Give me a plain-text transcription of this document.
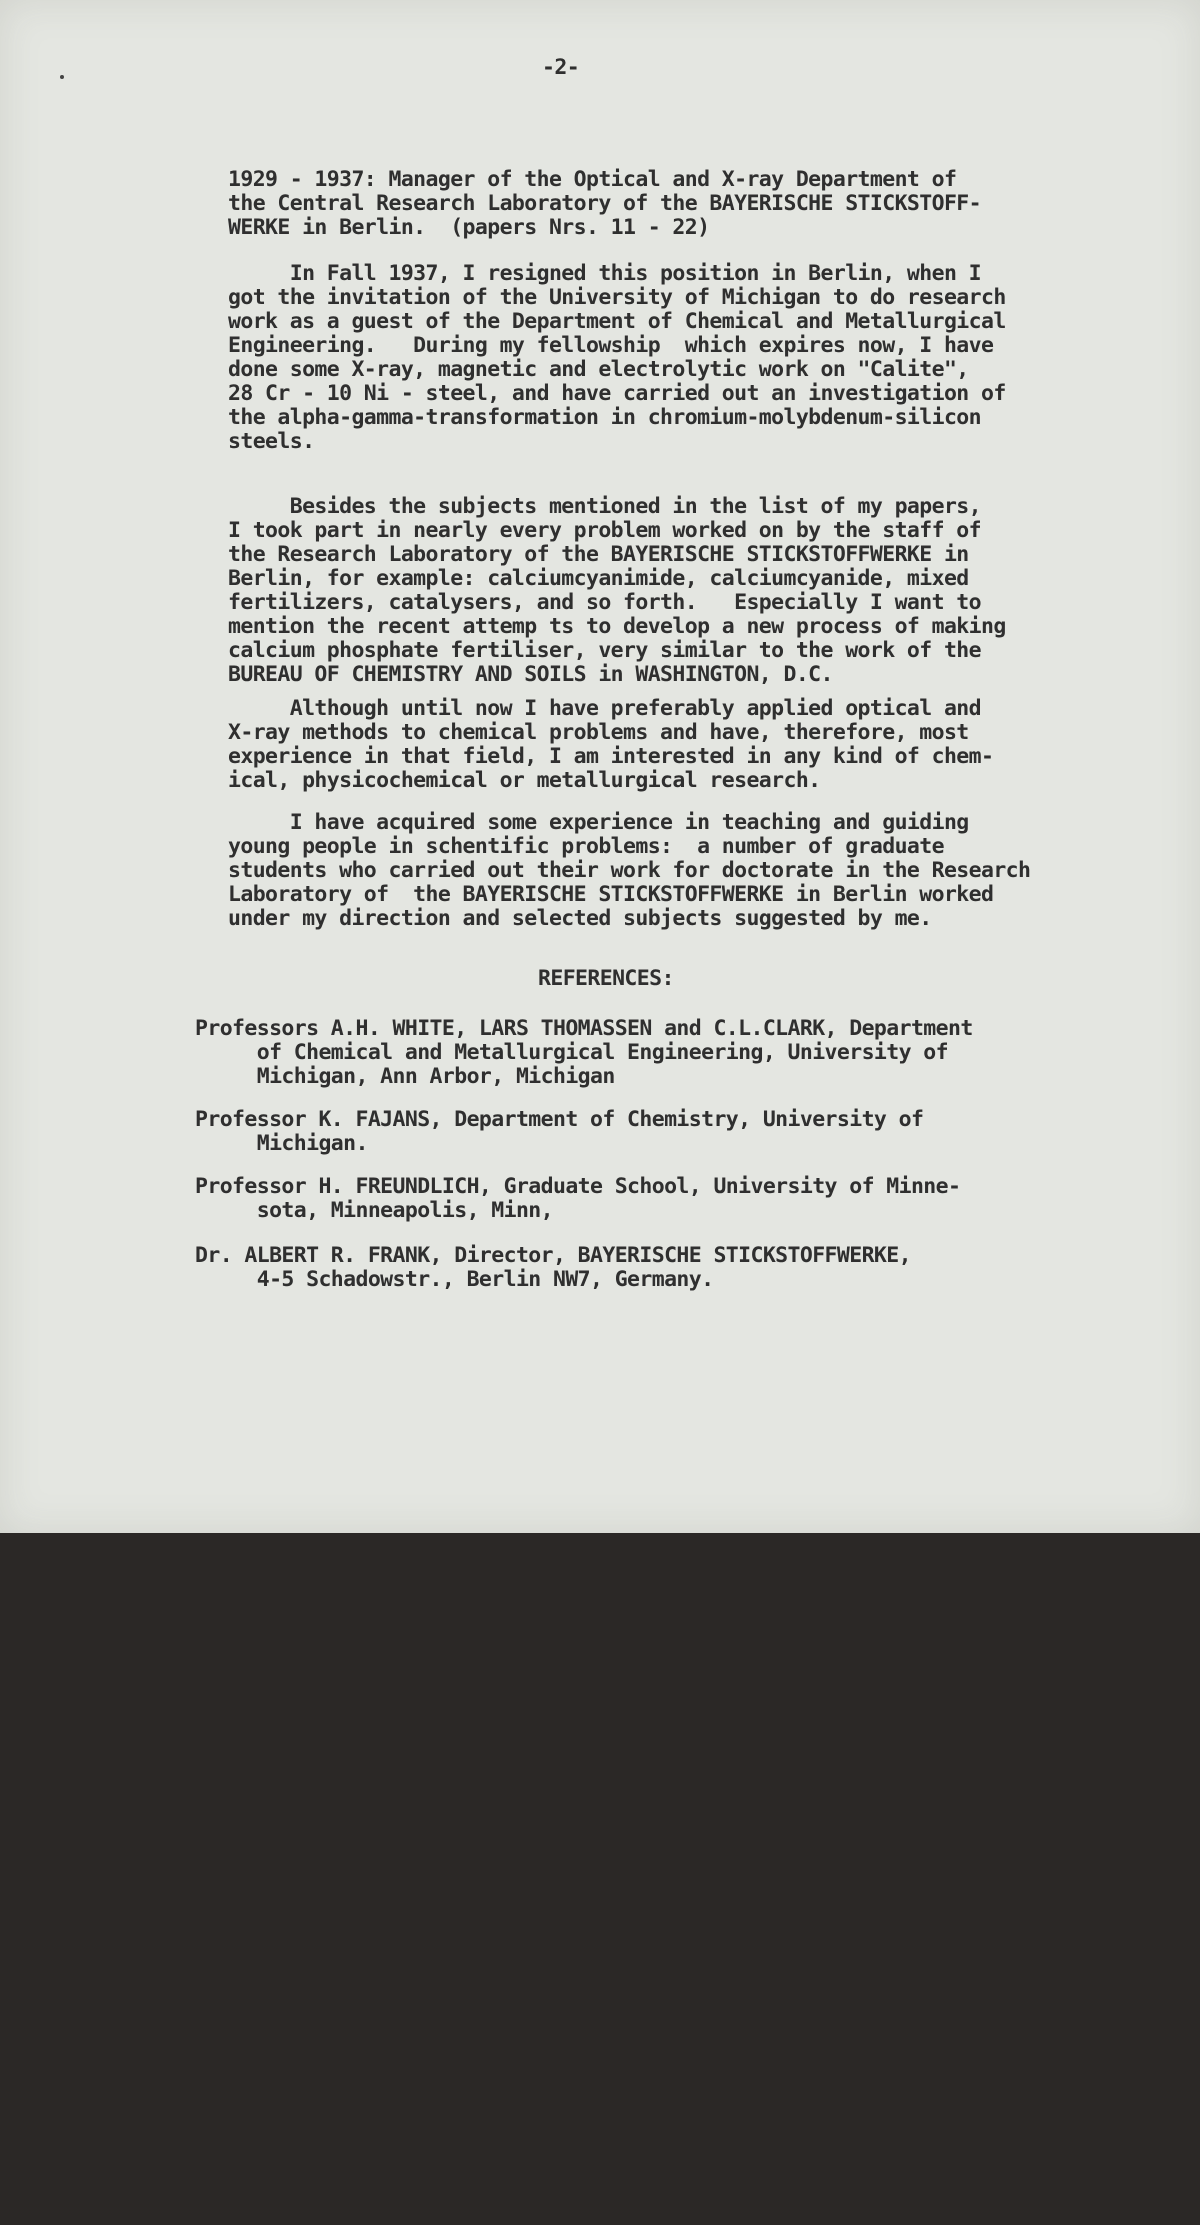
-2-

1929 - 1937: Manager of the Optical and X-ray Department of

the Central Research Laboratory of the BAYERISCHE STICKSTOFF-

WERKE in Berlin.  (papers Nrs. 11 - 22)

In Fall 1937, I resigned this position in Berlin, when I

got the invitation of the University of Michigan to do research

work as a guest of the Department of Chemical and Metallurgical

Engineering.   During my fellowship  which expires now, I have

done some X-ray, magnetic and electrolytic work on "Calite",

28 Cr - 10 Ni - steel, and have carried out an investigation of

the alpha-gamma-transformation in chromium-molybdenum-silicon

steels.

Besides the subjects mentioned in the list of my papers,

I took part in nearly every problem worked on by the staff of

the Research Laboratory of the BAYERISCHE STICKSTOFFWERKE in

Berlin, for example: calciumcyanimide, calciumcyanide, mixed

fertilizers, catalysers, and so forth.   Especially I want to

mention the recent attemp ts to develop a new process of making

calcium phosphate fertiliser, very similar to the work of the

BUREAU OF CHEMISTRY AND SOILS in WASHINGTON, D.C.

Although until now I have preferably applied optical and

X-ray methods to chemical problems and have, therefore, most

experience in that field, I am interested in any kind of chem-

ical, physicochemical or metallurgical research.

I have acquired some experience in teaching and guiding

young people in schentific problems:  a number of graduate

students who carried out their work for doctorate in the Research

Laboratory of  the BAYERISCHE STICKSTOFFWERKE in Berlin worked

under my direction and selected subjects suggested by me.

REFERENCES:

Professors A.H. WHITE, LARS THOMASSEN and C.L.CLARK, Department

of Chemical and Metallurgical Engineering, University of

Michigan, Ann Arbor, Michigan

Professor K. FAJANS, Department of Chemistry, University of

Michigan.

Professor H. FREUNDLICH, Graduate School, University of Minne-

sota, Minneapolis, Minn,

Dr. ALBERT R. FRANK, Director, BAYERISCHE STICKSTOFFWERKE,

4-5 Schadowstr., Berlin NW7, Germany.
